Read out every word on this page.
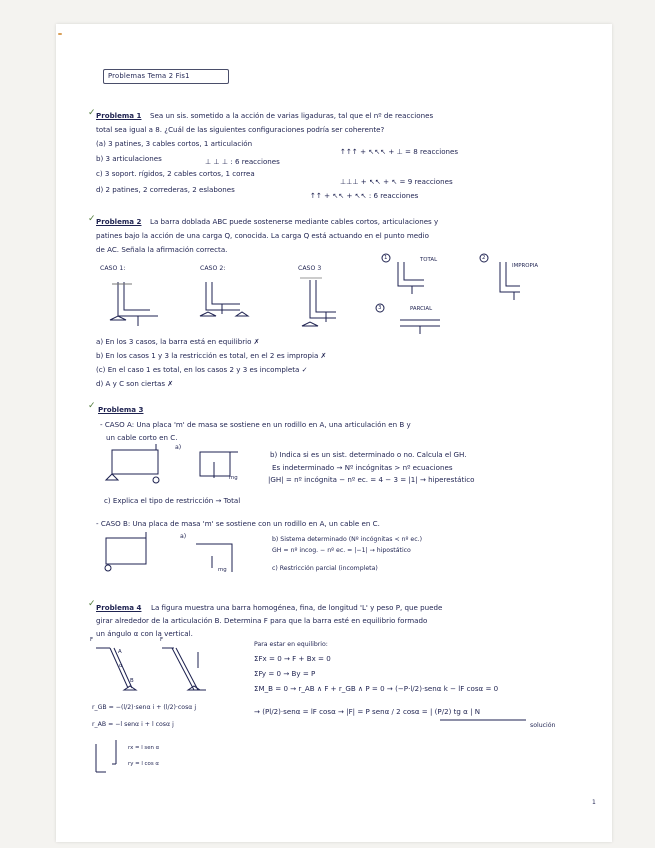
Problemas Tema 2 Fis1
✓ Problema 1 Sea un sis. sometido a la acción de varias ligaduras, tal que el nº de reacciones
total sea igual a 8. ¿Cuál de las siguientes configuraciones podría ser coherente?
(a) 3 patines, 3 cables cortos, 1 articulación
↑↑↑ + ↖↖↖ + ⊥ = 8 reacciones
b) 3 articulaciones	⊥ ⊥ ⊥ : 6 reacciones
c) 3 soport. rígidos, 2 cables cortos, 1 correa
⊥⊥⊥ + ↖↖ + ↖ = 9 reacciones
d) 2 patines, 2 correderas, 2 eslabones
↑↑ + ↖↖ + ↖↖ : 6 reacciones
✓ Problema 2 La barra doblada ABC puede sostenerse mediante cables cortos, articulaciones y
patines bajo la acción de una carga Q, conocida. La carga Q está actuando en el punto medio
de AC. Señala la afirmación correcta.
CASO 1:	CASO 2:	CASO 3
1	2
3
TOTAL
IMPROPIA
PARCIAL
a) En los 3 casos, la barra está en equilibrio ✗
b) En los casos 1 y 3 la restricción es total, en el 2 es impropia ✗
(c) En el caso 1 es total, en los casos 2 y 3 es incompleta ✓
d) A y C son ciertas ✗
✓ Problema 3
- CASO A: Una placa 'm' de masa se sostiene en un rodillo en A, una articulación en B y
un cable corto en C.
a)
b) Indica si es un sist. determinado o no. Calcula el GH.
Es indeterminado → Nº incógnitas > nº ecuaciones
|GH| = nº incógnita − nº ec. = 4 − 3 = |1| → hiperestático
c) Explica el tipo de restricción → Total
mg
- CASO B: Una placa de masa 'm' se sostiene con un rodillo en A, un cable en C.
a)	b) Sistema determinado (Nº incógnitas < nº ec.)
GH = nº incog. − nº ec. = |−1| → hipostático
c) Restricción parcial (incompleta)
mg
✓ Problema 4 La figura muestra una barra homogénea, fina, de longitud 'L' y peso P, que puede
girar alrededor de la articulación B. Determina F para que la barra esté en equilibrio formado
un ángulo α con la vertical.
Para estar en equilibrio:
ΣFx = 0 → F + Bx = 0
ΣFy = 0 → By = P
ΣM_B = 0 → r_AB ∧ F + r_GB ∧ P = 0 → (−P·l/2)·senα k − lF cosα = 0
→ (Pl/2)·senα = lF cosα → |F| = P senα / 2 cosα = | (P/2) tg α | N
solución
r_GB = −(l/2)·senα i + (l/2)·cosα j
r_AB = −l senα i + l cosα j
rx = l sen α
ry = l cos α
F	F
B
A
α
1
